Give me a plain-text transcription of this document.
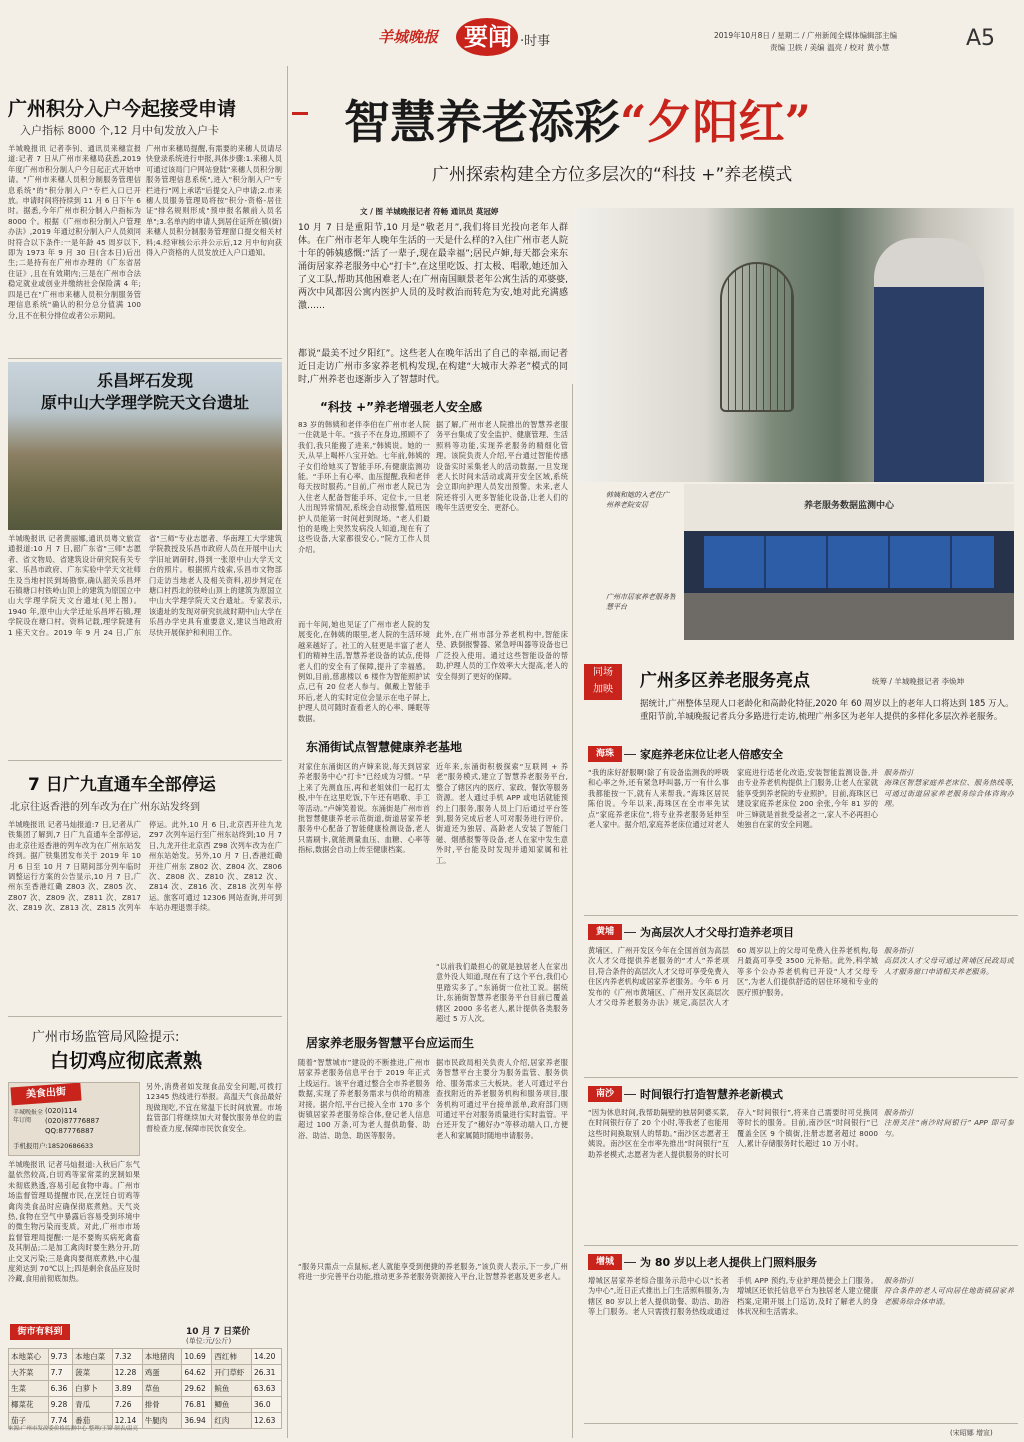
羊城晚报	要闻 ·时事	2019年10月8日 / 星期二 / 广州新闻全媒体编辑部主编
责编 卫轶 / 美编 温亮 / 校对 黄小慧	A5
广州积分入户今起接受申请
入户指标 8000 个,12 月中旬发放入户卡
羊城晚报讯 记者李钊、通讯员来穗宣报道:记者 7 日从广州市来穗局获悉,2019 年度广州市积分制人户今日起正式开始申请。"广州市来穗人员积分制服务管理信息系统"的"积分制入户"专栏入口已开放。申请时间将持续到 11 月 6 日下午 6 时。据悉,今年广州市积分制入户指标为 8000 个。根据《广州市积分制入户管理办法》,2019 年通过积分制入户人员须同时符合以下条件:一是年龄 45 周岁以下,即为 1973 年 9 月 30 日(含本日)后出生;二是持有在广州市办理的《广东省居住证》,且在有效期内;三是在广州市合法稳定就业或创业并缴纳社会保险满 4 年;四是已在"广州市来穗人员积分制服务管理信息系统"确认的积分总分值满 100 分,且不在积分排位或者公示期间。
广州市来穗局提醒,有需要的来穗人员请尽快登录系统进行申报,具体步骤:1.来穗人员可通过该局门户网站登陆"来穗人员积分制服务管理信息系统",进入"积分制入户"专栏进行"网上承诺"后提交入户申请;2.市来穗人员服务管理局将按"积分-资格-居住证"排名规则形成"预申报名额前入员名单";3.名单内的申请人到居住证所在镇(街)来穗人员积分制服务管理窗口提交相关材料;4.经审核公示并公示后,12 月中旬向获得入户资格的人员发放迁入户口通知。
乐昌坪石发现
原中山大学理学院天文台遗址
羊城晚报讯 记者黄丽娜,通讯员粤文旅宣通报道:10 月 7 日,韶广东省"三师"志愿者、省文物局、省建筑设计研究院有关专家、乐昌市政府、广东实验中学天文社师生及当地村民到场勘察,确认韶关乐昌坪石镇塘口村铁岭山顶上的建筑为原国立中山大学理学院天文台遗址(见上图)。1940 年,原中山大学迁址乐昌坪石镇,理学院设在塘口村。资料记载,理学院建有 1 座天文台。2019 年 9 月 24 日,广东省"三师"专业志愿者、华南理工大学建筑学院教授及乐昌市政府人员在开展中山大学旧址调研时,得到一张原中山大学天文台的照片。根据照片线索,乐昌市文物部门走访当地老人及相关资料,初步判定在塘口村西北的铁岭山顶上的建筑为原国立中山大学理学院天文台遗址。专家表示,该遗址的发现对研究抗战时期中山大学在乐昌办学史具有重要意义,建议当地政府尽快开展保护和利用工作。
7 日广九直通车全部停运
北京往返香港的列车改为在广州东站发终到
羊城晚报讯 记者马灿报道:7 日,记者从广铁集团了解到,7 日广九直通车全部停运,由北京往返香港的列车改为在广州东站发终到。据广铁集团发布关于 2019 年 10 月 6 日至 10 月 7 日期间部分列车临时调整运行方案的公告显示,10 月 7 日,广州东至香港红磡 Z803 次、Z805 次、Z807 次、Z809 次、Z811 次、Z817 次、Z819 次、Z813 次、Z815 次列车停运。此外,10 月 6 日,北京西开往九龙 Z97 次列车运行至广州东站终到;10 月 7 日,九龙开往北京西 Z98 次列车改为在广州东站始发。另外,10 月 7 日,香港红磡开往广州东 Z802 次、Z804 次、Z806 次、Z808 次、Z810 次、Z812 次、Z814 次、Z816 次、Z818 次列车停运。旅客可通过 12306 网站查询,并可到车站办理退票手续。
广州市场监管局风险提示:
白切鸡应彻底煮熟
美食出街
羊城晚报全年订阅
(020)114
(020)87776887
QQ:87776887
手机报用户:18520686633
羊城晚报讯 记者马灿报道:入秋后广东气温依然较高,白切鸡等家常菜的烹制如果未彻底熟透,容易引起食物中毒。广州市场监督管理局提醒市民,在烹饪白切鸡等禽肉类食品时应确保彻底煮熟。天气炎热,食物在空气中暴露后容易受到环境中的微生物污染而变质。对此,广州市市场监督管理局提醒:一是不要购买病死禽畜及其制品;二是加工禽肉时要生熟分开,防止交叉污染;三是禽肉要彻底煮熟,中心温度须达到 70℃以上;四是剩余食品应及时冷藏,食用前彻底加热。
另外,消费者如发现食品安全问题,可拨打 12345 热线进行举报。高温天气食品最好现做现吃,不宜在常温下长时间放置。市场监管部门将继续加大对餐饮服务单位的监督检查力度,保障市民饮食安全。
街市有料到	10 月 7 日菜价
(单位:元/公斤)
本地菜心	9.73	本地白菜	7.32	本地猪肉	10.69	西红柿	14.20
大芥菜	7.7	菠菜	12.28	鸡蛋	64.62	开门草虾	26.31
生菜	6.36	白萝卜	3.89	草鱼	29.62	鲩鱼	63.63
椰菜花	9.28	青瓜	7.26	排骨	76.81	鲫鱼	36.0
茄子	7.74	番茄	12.14	牛腿肉	36.94	红肉	12.63
来源:广州市发改委价格监测中心 整理/王锦 制表/温亮
智慧养老添彩“夕阳红”
广州探索构建全方位多层次的“科技 +”养老模式
文 / 图 羊城晚报记者 符畅 通讯员 莫冠婷
10 月 7 日是重阳节,10 月是“敬老月”,我们将目光投向老年人群体。在广州市老年人晚年生活的一天是什么样的?入住广州市老人院十年的韩姨感慨:“活了一辈子,现在最幸福”;居民卢婶,每天都会来东涌街居家养老服务中心“打卡”,在这里吃饭、打太极、唱歌,她还加入了义工队,帮助其他困难老人;在广州南国颐景老年公寓生活的邓婆婆,两次中风都因公寓内医护人员的及时救治而转危为安,她对此充满感激……
都说“最美不过夕阳红”。这些老人在晚年活出了自己的幸福,而记者近日走访广州市多家养老机构发现,在构建“大城市大养老”模式的同时,广州养老也逐渐步入了智慧时代。
韩姨和她的入老住广州养老院安居	养老服务数据监测中心
广州市居家养老服务智慧平台
“科技 +”养老增强老人安全感
83 岁的韩姨和老伴李伯在广州市老人院一住就是十年。“孩子不在身边,照顾不了我们,我只能搬了进来,”韩姨说。她的一天,从早上喝杯八宝开始。七年前,韩姨的子女们给她买了智能手环,有健康监测功能。“手环上有心率、血压提醒,我和老伴每天按时服药。”目前,广州市老人院已为入住老人配备智能手环、定位卡,一旦老人出现异常情况,系统会自动报警,值班医护人员能第一时间赶到现场。“老人们最怕的是晚上突然发病没人知道,现在有了这些设备,大家都很安心。”院方工作人员介绍。
而十年间,她也见证了广州市老人院的发展变化,在韩姨的眼里,老人院的生活环境越来越好了。社工的入驻更是丰富了老人们的精神生活,智慧养老设备的试点,使得老人们的安全有了保障,提升了幸福感。例如,目前,慈惠楼以 6 楼作为智能照护试点,已有 20 位老人参与。佩戴上智能手环后,老人的实时定位会显示在电子屏上,护理人员可随时查看老人的心率、睡眠等数据。
据了解,广州市老人院推出的智慧养老服务平台集成了安全监护、健康管理、生活照料等功能,实现养老服务的精细化管理。该院负责人介绍,平台通过智能传感设备实时采集老人的活动数据,一旦发现老人长时间未活动或离开安全区域,系统会立即向护理人员发出预警。未来,老人院还将引入更多智能化设备,让老人们的晚年生活更安全、更舒心。
此外,在广州市部分养老机构中,智能床垫、跌倒报警器、紧急呼叫器等设备也已广泛投入使用。通过这些智能设备的帮助,护理人员的工作效率大大提高,老人的安全得到了更好的保障。
东涌街试点智慧健康养老基地
对家住东涌街区的卢婶来说,每天到居家养老服务中心“打卡”已经成为习惯。“早上来了先测血压,再和老姐妹们一起打太极,中午在这里吃饭,下午还有唱歌、手工等活动。”卢婶笑着说。东涌街是广州市首批智慧健康养老示范街道,街道居家养老服务中心配备了智能健康检测设备,老人只需刷卡,就能测量血压、血糖、心率等指标,数据会自动上传至健康档案。
近年来,东涌街积极探索“互联网 + 养老”服务模式,建立了智慧养老服务平台,整合了辖区内的医疗、家政、餐饮等服务资源。老人通过手机 APP 或电话就能预约上门服务,服务人员上门后通过平台签到,服务完成后老人可对服务进行评价。街道还为独居、高龄老人安装了智能门磁、烟感报警等设备,老人在家中发生意外时,平台能及时发现并通知家属和社工。
“以前我们最担心的就是独居老人在家出意外没人知道,现在有了这个平台,我们心里踏实多了。”东涌街一位社工说。据统计,东涌街智慧养老服务平台目前已覆盖辖区 2000 多名老人,累计提供各类服务超过 5 万人次。
居家养老服务智慧平台应运而生
随着“智慧城市”建设的不断推进,广州市居家养老服务信息平台于 2019 年正式上线运行。该平台通过整合全市养老服务数据,实现了养老服务需求与供给的精准对接。据介绍,平台已接入全市 170 多个街镇居家养老服务综合体,登记老人信息超过 100 万条,可为老人提供助餐、助浴、助洁、助急、助医等服务。
据市民政局相关负责人介绍,居家养老服务智慧平台主要分为服务监管、服务供给、服务需求三大板块。老人可通过平台查找附近的养老服务机构和服务项目,服务机构可通过平台接单派单,政府部门则可通过平台对服务质量进行实时监管。平台还开发了“穗好办”等移动端入口,方便老人和家属随时随地申请服务。
“服务只需点一点鼠标,老人就能享受到便捷的养老服务,”该负责人表示,下一步,广州将进一步完善平台功能,推动更多养老服务资源接入平台,让智慧养老惠及更多老人。
同场
加映	广州多区养老服务亮点	统筹 / 羊城晚报记者 李焕坤
据统计,广州整体呈现人口老龄化和高龄化特征,2020 年 60 周岁以上的老年人口将达到 185 万人。重阳节前,羊城晚报记者兵分多路进行走访,梳理广州多区为老年人提供的多样化多层次养老服务。
海珠	家庭养老床位让老人倍感安全
“我的床好舒服啊!除了有设备监测我的呼吸和心率之外,还有紧急呼叫器,万一有什么事我都能按一下,就有人来帮我。”海珠区居民陈伯说。今年以来,海珠区在全市率先试点“家庭养老床位”,将专业养老服务延伸至老人家中。据介绍,家庭养老床位通过对老人家庭进行适老化改造,安装智能监测设备,并由专业养老机构提供上门服务,让老人在家就能享受到养老院的专业照护。目前,海珠区已建设家庭养老床位 200 余张,今年 81 岁的叶三婶就是首批受益者之一,家人不必再担心她独自在家的安全问题。
服务指引
海珠区智慧家庭养老床位、服务热线等,可通过街道居家养老服务综合体咨询办理。
黄埔	为高层次人才父母打造养老项目
黄埔区、广州开发区今年在全国首创为高层次人才父母提供养老服务的“才人”养老项目,符合条件的高层次人才父母可享受免费入住区内养老机构或居家养老服务。今年 6 月发布的《广州市黄埔区、广州开发区高层次人才父母养老服务办法》规定,高层次人才 60 周岁以上的父母可免费入住养老机构,每月最高可享受 3500 元补贴。此外,科学城等多个公办养老机构已开设“人才父母专区”,为老人们提供舒适的居住环境和专业的医疗照护服务。
服务指引
高层次人才父母可通过黄埔区民政局或人才服务窗口申请相关养老服务。
南沙	时间银行打造智慧养老新模式
“因为休息时间,我帮助隔壁的独居阿婆买菜,在时间银行存了 20 个小时,等我老了也能用这些时间换取别人的帮助。”南沙区志愿者王姨说。南沙区在全市率先推出“时间银行”互助养老模式,志愿者为老人提供服务的时长可存入“时间银行”,将来自己需要时可兑换同等时长的服务。目前,南沙区“时间银行”已覆盖全区 9 个镇街,注册志愿者超过 8000 人,累计存储服务时长超过 10 万小时。
服务指引
注册关注“南沙时间银行” APP 即可参与。
增城	为 80 岁以上老人提供上门照料服务
增城区居家养老综合服务示范中心以“长者为中心”,近日正式推出上门生活照料服务,为辖区 80 岁以上老人提供助餐、助洁、助浴等上门服务。老人只需拨打服务热线或通过手机 APP 预约,专业护理员便会上门服务。增城区还依托信息平台为独居老人建立健康档案,定期开展上门巡访,及时了解老人的身体状况和生活需求。
服务指引
符合条件的老人可向居住地街镇居家养老服务综合体申请。
(宋昭娜 增宣)
